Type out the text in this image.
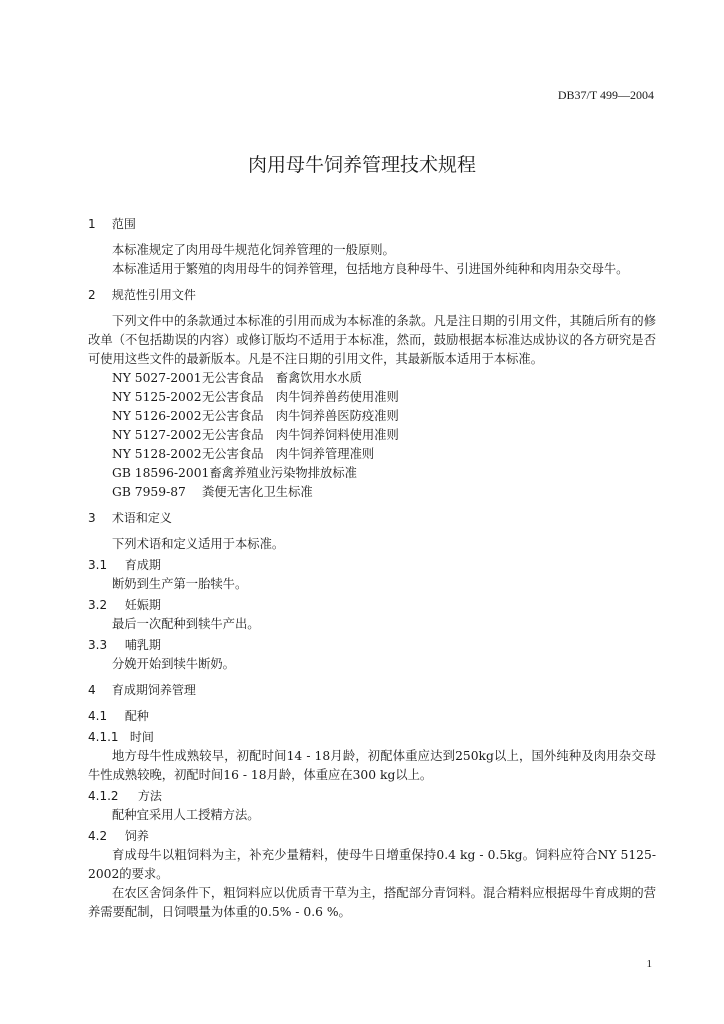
DB37/T 499—2004
肉用母牛饲养管理技术规程
1 范围
本标准规定了肉用母牛规范化饲养管理的一般原则。
本标准适用于繁殖的肉用母牛的饲养管理，包括地方良种母牛、引进国外纯种和肉用杂交母牛。
2 规范性引用文件
下列文件中的条款通过本标准的引用而成为本标准的条款。凡是注日期的引用文件，其随后所有的修改单（不包括勘误的内容）或修订版均不适用于本标准，然而，鼓励根据本标准达成协议的各方研究是否可使用这些文件的最新版本。凡是不注日期的引用文件，其最新版本适用于本标准。
NY 5027-2001无公害食品　畜禽饮用水水质
NY 5125-2002无公害食品　肉牛饲养兽药使用准则
NY 5126-2002无公害食品　肉牛饲养兽医防疫准则
NY 5127-2002无公害食品　肉牛饲养饲料使用准则
NY 5128-2002无公害食品　肉牛饲养管理准则
GB 18596-2001畜禽养殖业污染物排放标准
GB 7959-87 粪便无害化卫生标准
3 术语和定义
下列术语和定义适用于本标准。
3.1 育成期
断奶到生产第一胎犊牛。
3.2 妊娠期
最后一次配种到犊牛产出。
3.3 哺乳期
分娩开始到犊牛断奶。
4 育成期饲养管理
4.1 配种
4.1.1 时间
地方母牛性成熟较早，初配时间14 - 18月龄，初配体重应达到250kg以上，国外纯种及肉用杂交母牛性成熟较晚，初配时间16 - 18月龄，体重应在300 kg以上。
4.1.2 方法
配种宜采用人工授精方法。
4.2 饲养
育成母牛以粗饲料为主，补充少量精料，使母牛日增重保持0.4 kg - 0.5kg。饲料应符合NY 5125-2002的要求。
在农区舍饲条件下，粗饲料应以优质青干草为主，搭配部分青饲料。混合精料应根据母牛育成期的营养需要配制，日饲喂量为体重的0.5% - 0.6 %。
1
